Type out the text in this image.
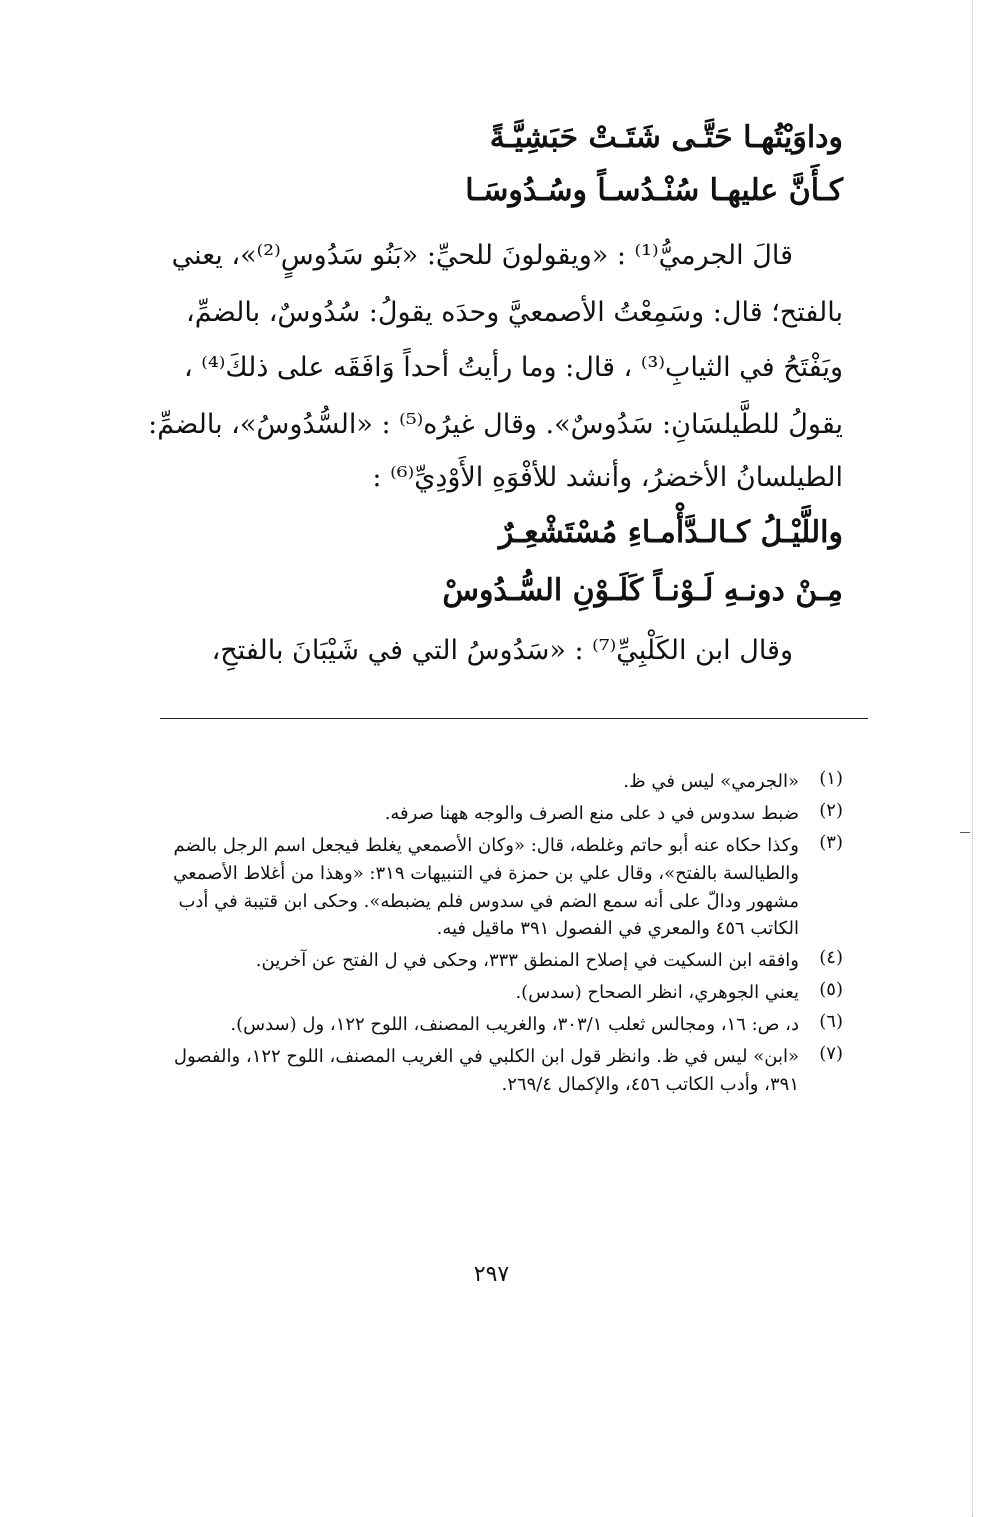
وداوَيْتُهـا حَتَّـى شَتَـتْ حَبَشِيَّـةً
كـأَنَّ عليهـا سُنْـدُسـاً وسُـدُوسَـا
قالَ الجرميُّ⁽¹⁾ : «ويقولونَ للحيِّ: «بَنُو سَدُوسٍ⁽²⁾»، يعني
بالفتح؛ قال: وسَمِعْتُ الأصمعيَّ وحدَه يقولُ: سُدُوسٌ، بالضمِّ،
ويَفْتَحُ في الثيابِ⁽³⁾ ، قال: وما رأيتُ أحداً وَافَقَه على ذلكَ⁽⁴⁾ ،
يقولُ للطَّيلسَانِ: سَدُوسٌ». وقال غيرُه⁽⁵⁾ : «السُّدُوسُ»، بالضمِّ:
الطيلسانُ الأخضرُ، وأنشد للأفْوَهِ الأَوْدِيِّ⁽⁶⁾ :
واللَّيْـلُ كـالـدَّأْمـاءِ مُسْتَشْعِـرٌ
مِـنْ دونـهِ لَـوْنـاً كَلَـوْنِ السُّـدُوسْ
وقال ابن الكَلْبِيِّ⁽⁷⁾ : «سَدُوسُ التي في شَيْبَانَ بالفتحِ،
(١)
«الجرمي» ليس في ظ.
(٢)
ضبط سدوس في د على منع الصرف والوجه ههنا صرفه.
(٣)
وكذا حكاه عنه أبو حاتم وغلطه، قال: «وكان الأصمعي يغلط فيجعل اسم الرجل بالضم والطيالسة بالفتح»، وقال علي بن حمزة في التنبيهات ٣١٩: «وهذا من أغلاط الأصمعي مشهور ودالّ على أنه سمع الضم في سدوس فلم يضبطه». وحكى ابن قتيبة في أدب الكاتب ٤٥٦ والمعري في الفصول ٣٩١ ماقيل فيه.
(٤)
وافقه ابن السكيت في إصلاح المنطق ٣٣٣، وحكى في ل الفتح عن آخرين.
(٥)
يعني الجوهري، انظر الصحاح (سدس).
(٦)
د، ص: ١٦، ومجالس ثعلب ٣٠٣/١، والغريب المصنف، اللوح ١٢٢، ول (سدس).
(٧)
«ابن» ليس في ظ. وانظر قول ابن الكلبي في الغريب المصنف، اللوح ١٢٢، والفصول ٣٩١، وأدب الكاتب ٤٥٦، والإكمال ٢٦٩/٤.
٢٩٧
